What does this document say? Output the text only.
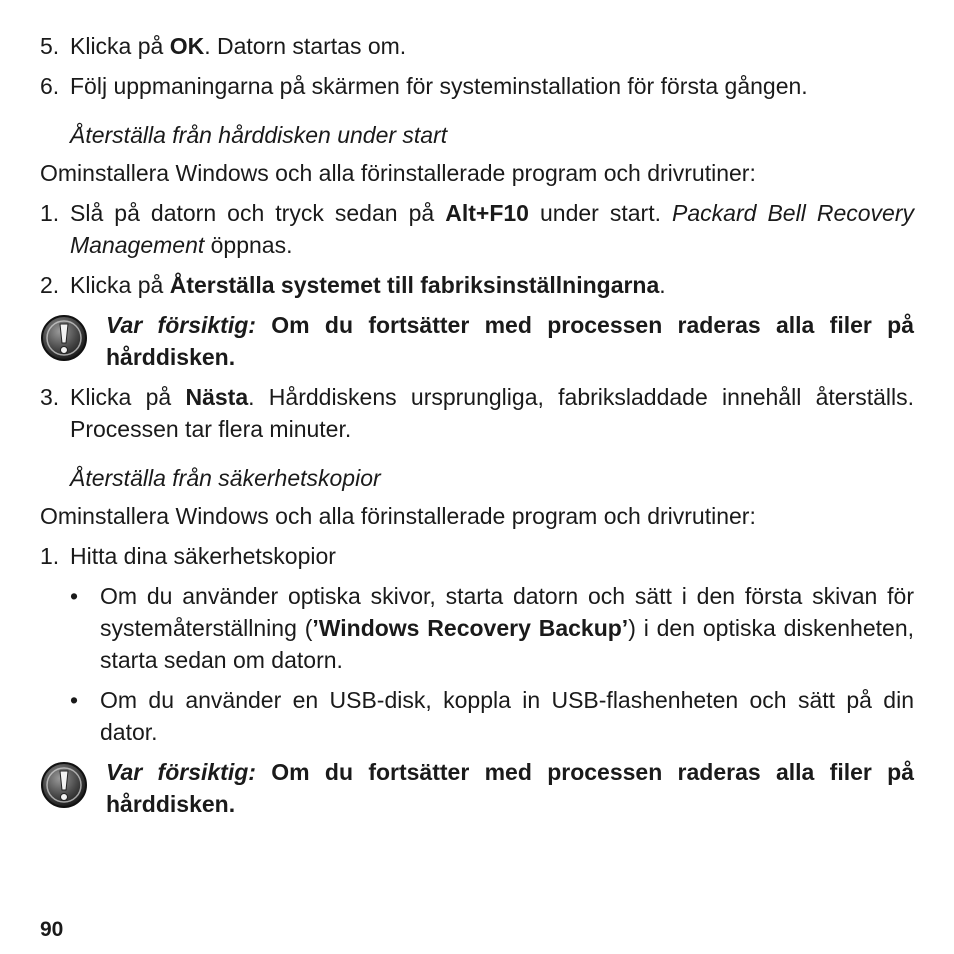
5. Klicka på OK. Datorn startas om.
6. Följ uppmaningarna på skärmen för systeminstallation för första gången.
Återställa från hårddisken under start
Ominstallera Windows och alla förinstallerade program och drivrutiner:
1. Slå på datorn och tryck sedan på Alt+F10 under start. Packard Bell Recovery Management öppnas.
2. Klicka på Återställa systemet till fabriksinställningarna.
Var försiktig: Om du fortsätter med processen raderas alla filer på hårddisken.
3. Klicka på Nästa. Hårddiskens ursprungliga, fabriksladdade innehåll återställs. Processen tar flera minuter.
Återställa från säkerhetskopior
Ominstallera Windows och alla förinstallerade program och drivrutiner:
1. Hitta dina säkerhetskopior
• Om du använder optiska skivor, starta datorn och sätt i den första skivan för systemåterställning (’Windows Recovery Backup’) i den optiska diskenheten, starta sedan om datorn.
• Om du använder en USB-disk, koppla in USB-flashenheten och sätt på din dator.
Var försiktig: Om du fortsätter med processen raderas alla filer på hårddisken.
90
